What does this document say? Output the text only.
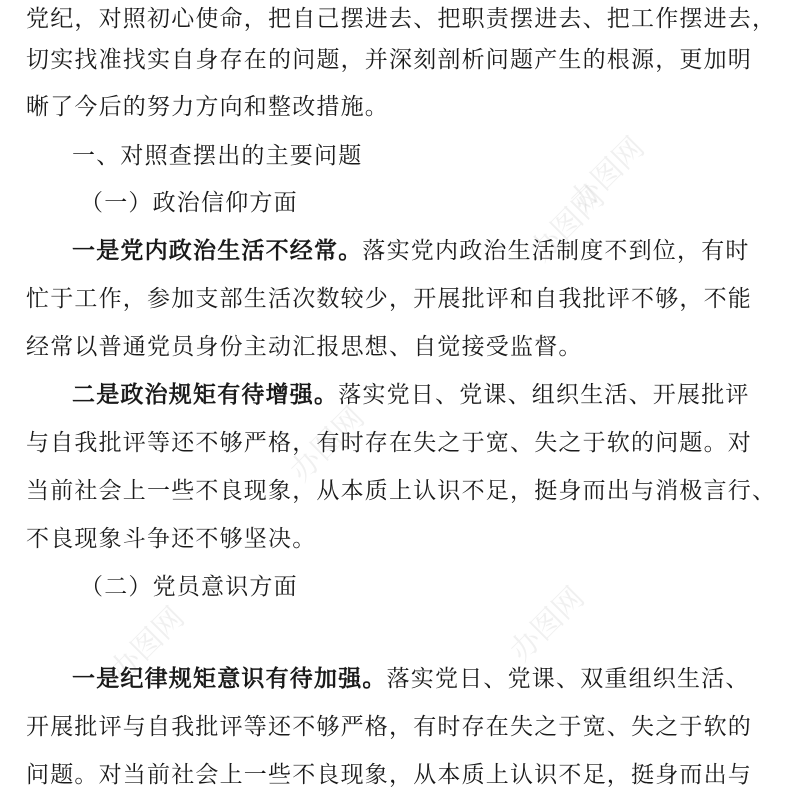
办图网
办图网
办图网
办图网
办图网
党纪，对照初心使命，把自己摆进去、把职责摆进去、把工作摆进去，
切实找准找实自身存在的问题，并深刻剖析问题产生的根源，更加明
晰了今后的努力方向和整改措施。
一、对照查摆出的主要问题
（一）政治信仰方面
一是党内政治生活不经常。落实党内政治生活制度不到位，有时
忙于工作，参加支部生活次数较少，开展批评和自我批评不够，不能
经常以普通党员身份主动汇报思想、自觉接受监督。
二是政治规矩有待增强。落实党日、党课、组织生活、开展批评
与自我批评等还不够严格，有时存在失之于宽、失之于软的问题。对
当前社会上一些不良现象，从本质上认识不足，挺身而出与消极言行、
不良现象斗争还不够坚决。
（二）党员意识方面
一是纪律规矩意识有待加强。落实党日、党课、双重组织生活、
开展批评与自我批评等还不够严格，有时存在失之于宽、失之于软的
问题。对当前社会上一些不良现象，从本质上认识不足，挺身而出与
